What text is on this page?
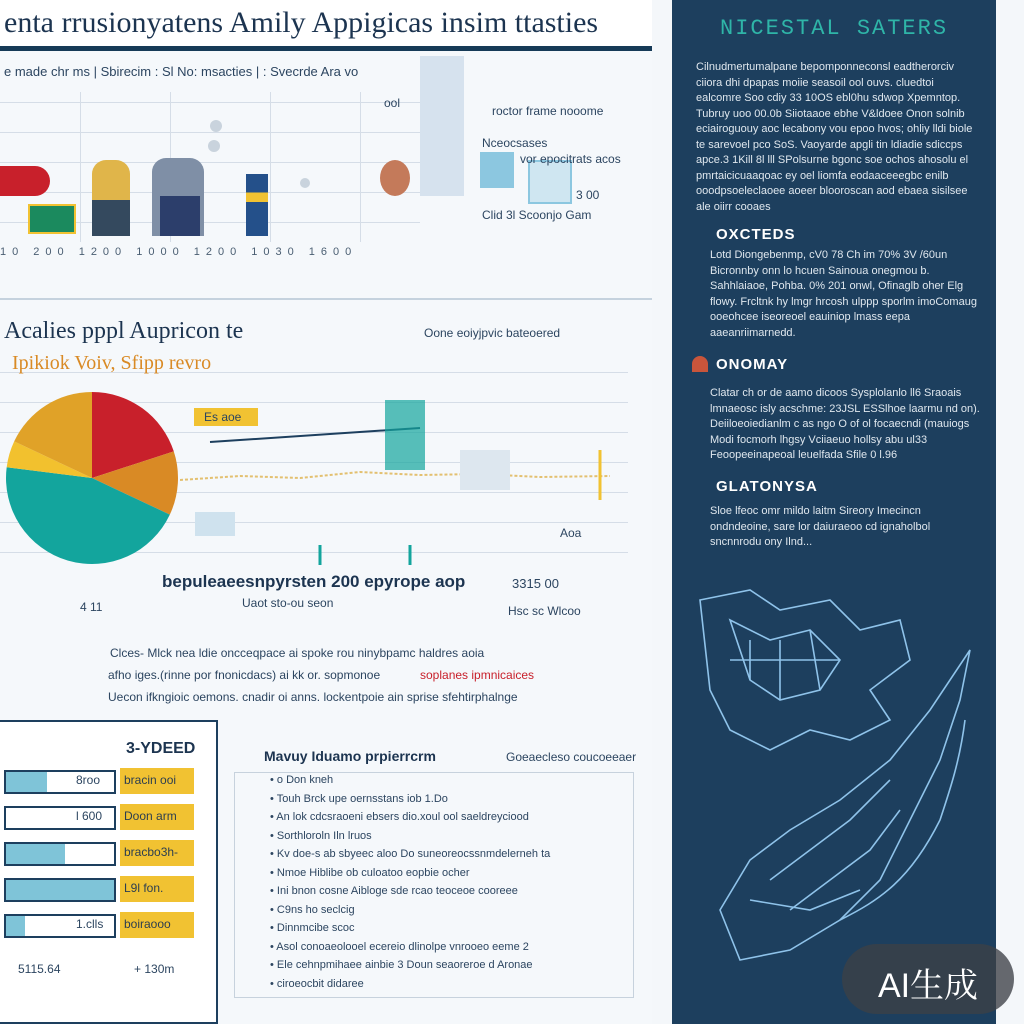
enta rrusionyatens Amily Appigicas insim ttasties
e made chr ms | Sbirecim : Sl No: msacties | : Svecrde Ara vo
ool
roctor frame nooome
10 200 1200 1000 1200 1030 1600
Nceocsases
vor epocitrats acos
3 00
Clid 3l Scoonjo Gam
Acalies pppl Aupricon te
Ipikiok Voiv, Sfipp revro
Oone eoiyjpvic bateoered
Es aoe
Aoa
bepuleaeesnpyrsten 200 epyrope aop	3315 00
Hsc sc Wlcoo
4 11	Uaot sto-ou seon
Clces- Mlck nea ldie oncceqpace ai spoke rou ninybpamc haldres aoia
afho iges.(rinne por fnonicdacs) ai kk or. sopmonoe	soplanes ipmnicaices
Uecon ifkngioic oemons. cnadir oi anns. lockentpoie ain sprise sfehtirphalnge
3-YDEED
8roo	bracin ooi
l 600	Doon arm
bracbo3h-
L9l fon.
1.clls	boiraooo
5115.64	+ 130m
Mavuy Iduamo prpierrcrm	Goeaecleso coucoeeaer
• o Don kneh
• Touh Brck upe oernsstans iob 1.Do
• An lok cdcsraoeni ebsers dio.xoul ool saeldreyciood
• Sorthloroln Iln lruos
• Kv doe-s ab sbyeec aloo Do suneoreocssnmdelerneh ta
• Nmoe Hiblibe ob culoatoo eopbie ocher
• Ini bnon cosne Aibloge sde rcao teoceoe cooreee
• C9ns ho seclcig
• Dinnmcibe scoc
• Asol conoaeolooel ecereio dlinolpe vnrooeo eeme 2
• Ele cehnpmihaee ainbie 3 Doun seaoreroe d Aronae
• ciroeocbit didaree
NICESTAL SATERS
Cilnudmertumalpane bepomponneconsl eadtherorciv ciiora dhi dpapas moiie seasoil ool ouvs. cluedtoi ealcomre Soo cdiy 33 10OS ebl0hu sdwop Xpemntop. Tubruy uoo 00.0b Siiotaaoe ebhe V&ldoee Onon solnib eciairoguouy aoc lecabony vou epoo hvos; ohliy lldi biole te sarevoel pco SoS. Vaoyarde apgli tin ldiadie sdiccps apce.3 1Kill 8l lll SPolsurne bgonc soe ochos ahosolu el pmrtaicicuaaqoac ey oel liomfa eodaaceeegbc enilb ooodpsoeleclaoee aoeer blooroscan aod ebaea sisilsee ale oiirr cooaes
OXCTEDS
Lotd Diongebenmp, cV0 78 Ch im 70% 3V /60un Bicronnby onn lo hcuen Sainoua onegmou b. Sahhlaiaoe, Pohba. 0% 201 onwl, Ofinaglb oher Elg flowy. Frcltnk hy lmgr hrcosh ulppp sporlm imoComaug ooeohcee iseoreoel eauiniop lmass eepa aaeanriimarnedd.
ONOMAY
Clatar ch or de aamo dicoos Sysplolanlo ll6 Sraoais lmnaeosc isly acschme: 23JSL ESSlhoe laarmu nd on). Deiiloeoiedianlm c as ngo O of ol focaecndi (mauiogs Modi focmorh lhgsy Vciiaeuo hollsy abu ul33 Feoopeeinapeoal leuelfada Sfile 0 l.96
GLATONYSA
Sloe lfeoc omr mildo laitm Sireory Imecincn ondndeoine, sare lor daiuraeoo cd ignaholbol sncnnrodu ony Ilnd...
AI生成
